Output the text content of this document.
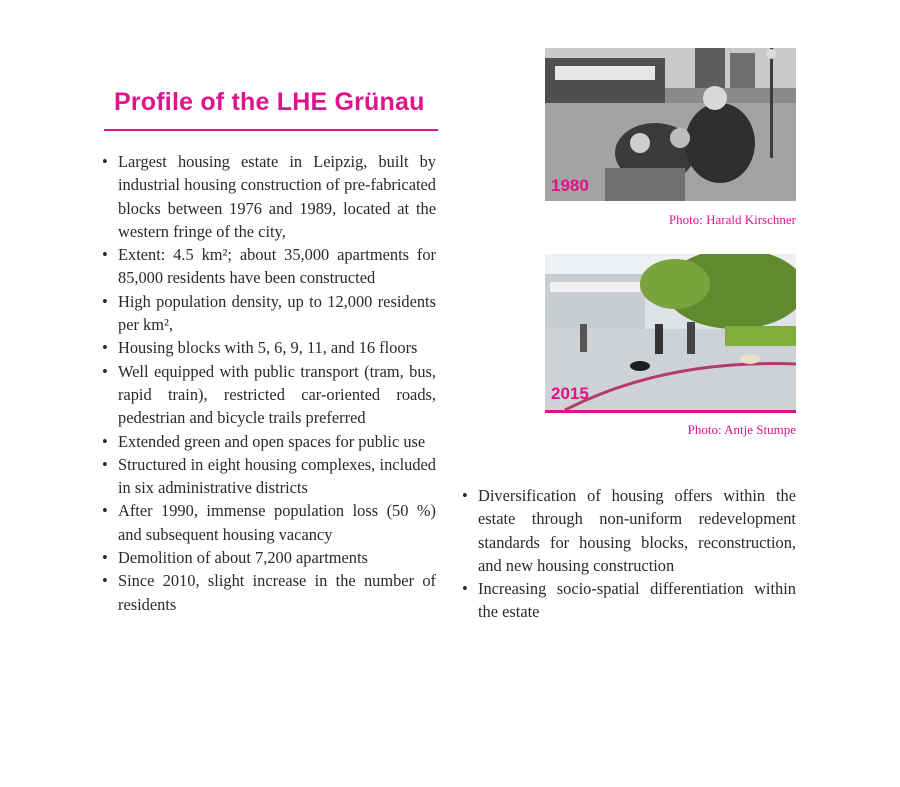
Profile of the LHE Grünau
• Largest housing estate in Leipzig, built by industrial housing construction of pre-fabricated blocks between 1976 and 1989, located at the western fringe of the city,
• Extent: 4.5 km²; about 35,000 apartments for 85,000 residents have been constructed
• High population density, up to 12,000 residents per km²,
• Housing blocks with 5, 6, 9, 11, and 16 floors
• Well equipped with public transport (tram, bus, rapid train), restricted car-oriented roads, pedestrian and bicycle trails preferred
• Extended green and open spaces for public use
• Structured in eight housing complexes, included in six administrative districts
• After 1990, immense population loss (50 %) and subsequent housing vacancy
• Demolition of about 7,200 apartments
• Since 2010, slight increase in the number of residents
1980
Photo: Harald Kirschner
2015
Photo: Antje Stumpe
• Diversification of housing offers within the estate through non-uniform redevelopment standards for housing blocks, reconstruction, and new housing construction
• Increasing socio-spatial differentiation within the estate
